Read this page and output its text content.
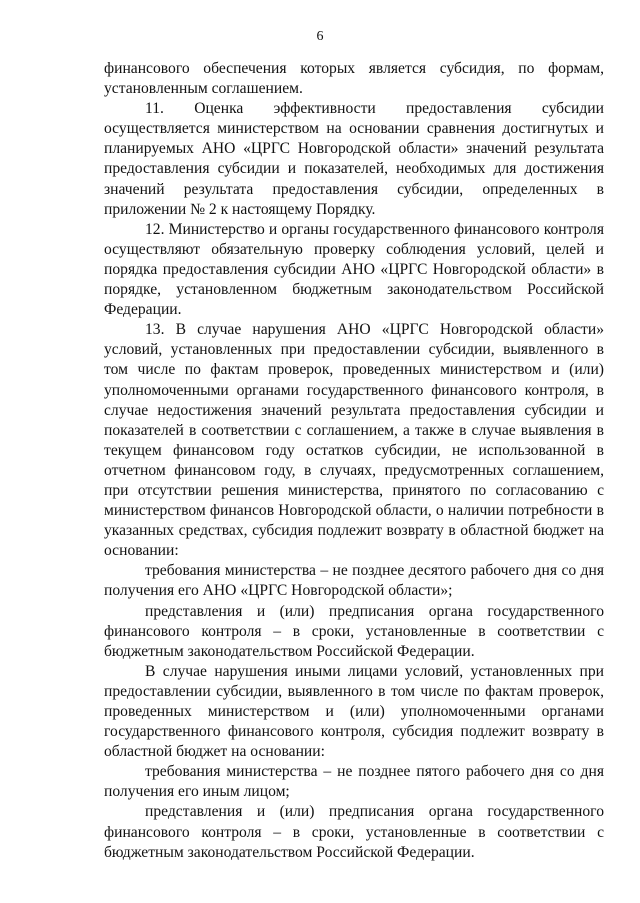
6

финансового обеспечения которых является субсидия, по формам, установленным соглашением.

11. Оценка эффективности предоставления субсидии осуществляется министерством на основании сравнения достигнутых и планируемых АНО «ЦРГС Новгородской области» значений результата предоставления субсидии и показателей, необходимых для достижения значений результата предоставления субсидии, определенных в приложении № 2 к настоящему Порядку.

12. Министерство и органы государственного финансового контроля осуществляют обязательную проверку соблюдения условий, целей и порядка предоставления субсидии АНО «ЦРГС Новгородской области» в порядке, установленном бюджетным законодательством Российской Федерации.

13. В случае нарушения АНО «ЦРГС Новгородской области» условий, установленных при предоставлении субсидии, выявленного в том числе по фактам проверок, проведенных министерством и (или) уполномоченными органами государственного финансового контроля, в случае недостижения значений результата предоставления субсидии и показателей в соответствии с соглашением, а также в случае выявления в текущем финансовом году остатков субсидии, не использованной в отчетном финансовом году, в случаях, предусмотренных соглашением, при отсутствии решения министерства, принятого по согласованию с министерством финансов Новгородской области, о наличии потребности в указанных средствах, субсидия подлежит возврату в областной бюджет на основании:

требования министерства – не позднее десятого рабочего дня со дня получения его АНО «ЦРГС Новгородской области»;

представления и (или) предписания органа государственного финансового контроля – в сроки, установленные в соответствии с бюджетным законодательством Российской Федерации.

В случае нарушения иными лицами условий, установленных при предоставлении субсидии, выявленного в том числе по фактам проверок, проведенных министерством и (или) уполномоченными органами государственного финансового контроля, субсидия подлежит возврату в областной бюджет на основании:

требования министерства – не позднее пятого рабочего дня со дня получения его иным лицом;

представления и (или) предписания органа государственного финансового контроля – в сроки, установленные в соответствии с бюджетным законодательством Российской Федерации.
